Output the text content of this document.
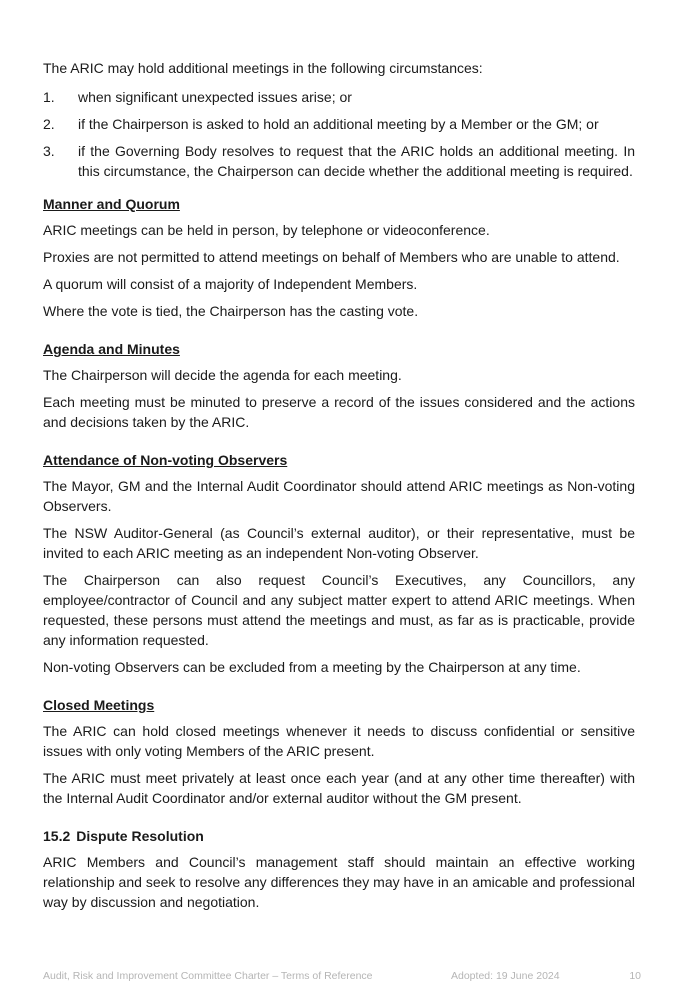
The ARIC may hold additional meetings in the following circumstances:

1.	when significant unexpected issues arise; or
2.	if the Chairperson is asked to hold an additional meeting by a Member or the GM; or
3.	if the Governing Body resolves to request that the ARIC holds an additional meeting. In this circumstance, the Chairperson can decide whether the additional meeting is required.
Manner and Quorum

ARIC meetings can be held in person, by telephone or videoconference.

Proxies are not permitted to attend meetings on behalf of Members who are unable to attend.

A quorum will consist of a majority of Independent Members.

Where the vote is tied, the Chairperson has the casting vote.

Agenda and Minutes

The Chairperson will decide the agenda for each meeting.

Each meeting must be minuted to preserve a record of the issues considered and the actions and decisions taken by the ARIC.

Attendance of Non-voting Observers

The Mayor, GM and the Internal Audit Coordinator should attend ARIC meetings as Non-voting Observers.

The NSW Auditor-General (as Council’s external auditor), or their representative, must be invited to each ARIC meeting as an independent Non-voting Observer.

The Chairperson can also request Council’s Executives, any Councillors, any employee/contractor of Council and any subject matter expert to attend ARIC meetings. When requested, these persons must attend the meetings and must, as far as is practicable, provide any information requested.

Non-voting Observers can be excluded from a meeting by the Chairperson at any time.

Closed Meetings

The ARIC can hold closed meetings whenever it needs to discuss confidential or sensitive issues with only voting Members of the ARIC present.

The ARIC must meet privately at least once each year (and at any other time thereafter) with the Internal Audit Coordinator and/or external auditor without the GM present.

15.2 Dispute Resolution

ARIC Members and Council’s management staff should maintain an effective working relationship and seek to resolve any differences they may have in an amicable and professional way by discussion and negotiation.

Audit, Risk and Improvement Committee Charter – Terms of Reference	Adopted: 19 June 2024	10
